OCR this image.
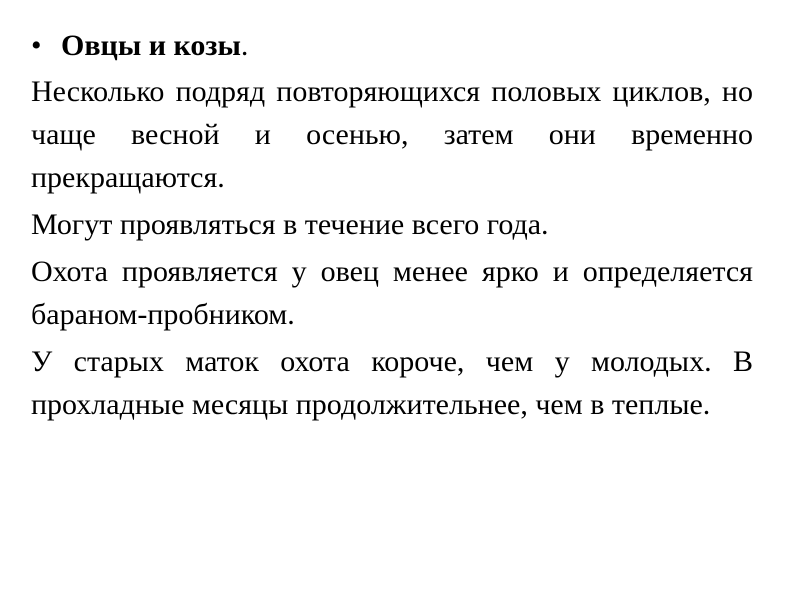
• Овцы и козы.

Несколько подряд повторяющихся половых циклов, но чаще весной и осенью, затем они временно прекращаются.

Могут проявляться в течение всего года.

Охота проявляется у овец менее ярко и определяется бараном-пробником.

У старых маток охота короче, чем у молодых. В прохладные месяцы продолжительнее, чем в теплые.
